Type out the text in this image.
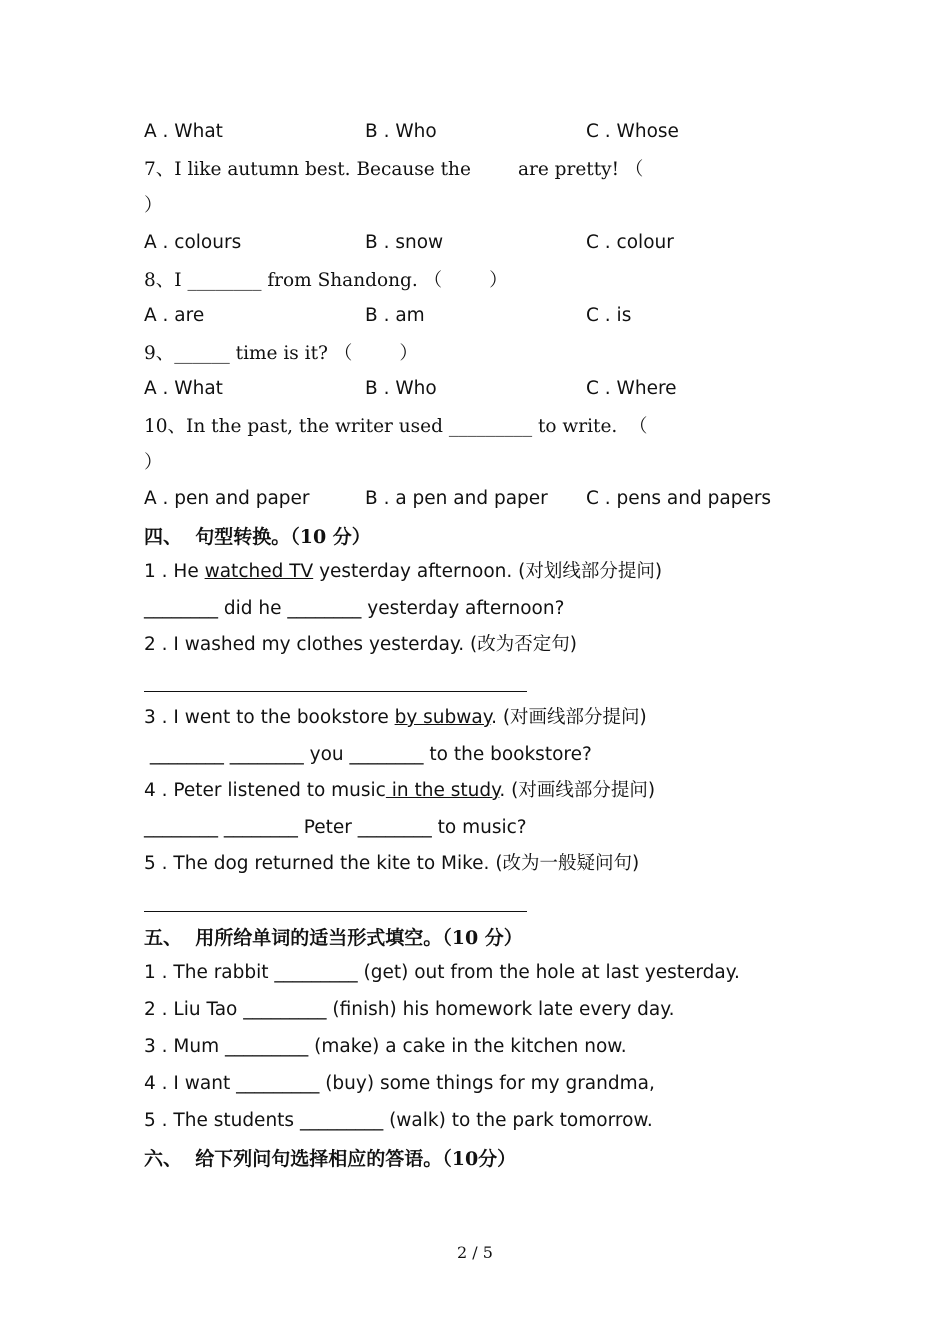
A . What	B . Who	C . Whose
7、I like autumn best. Because the        are pretty! （
）
A . colours	B . snow	C . colour
8、I ________ from Shandong. （        ）
A . are	B . am	C . is
9、______ time is it? （        ）
A . What	B . Who	C . Where
10、In the past, the writer used _________ to write.  （
）
A . pen and paper	B . a pen and paper C . pens and papers
四、  句型转换。（10 分）
1 . He watched TV yesterday afternoon. (对划线部分提问)
________ did he ________ yesterday afternoon?
2 . I washed my clothes yesterday. (改为否定句)
3 . I went to the bookstore by subway. (对画线部分提问)
________ ________ you ________ to the bookstore?
4 . Peter listened to music in the study. (对画线部分提问)
________ ________ Peter ________ to music?
5 . The dog returned the kite to Mike. (改为一般疑问句)
五、  用所给单词的适当形式填空。（10 分）
1 . The rabbit _________ (get) out from the hole at last yesterday.
2 . Liu Tao _________ (finish) his homework late every day.
3 . Mum _________ (make) a cake in the kitchen now.
4 . I want _________ (buy) some things for my grandma,
5 . The students _________ (walk) to the park tomorrow.
六、  给下列问句选择相应的答语。（10分）
2 / 5
